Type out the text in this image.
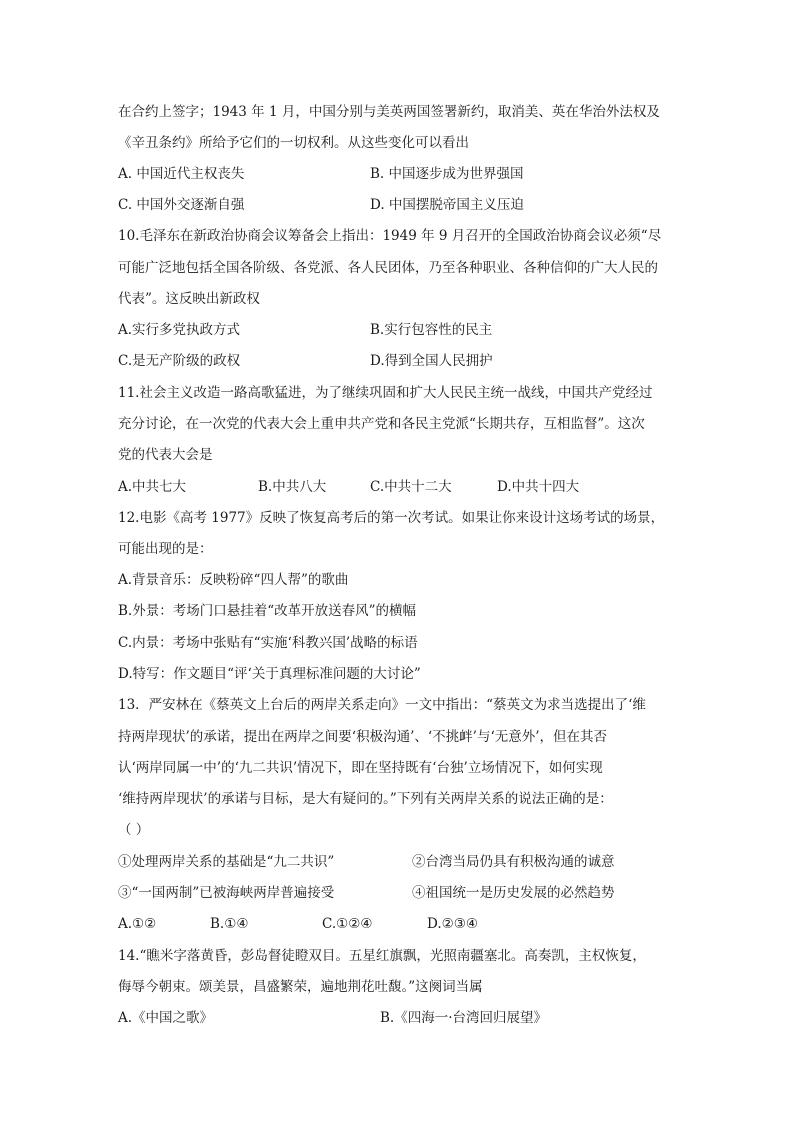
在合约上签字；1943 年 1 月，中国分别与美英两国签署新约，取消美、英在华治外法权及
《辛丑条约》所给予它们的一切权利。从这些变化可以看出
A. 中国近代主权丧失	B. 中国逐步成为世界强国
C. 中国外交逐渐自强	D. 中国摆脱帝国主义压迫
10.毛泽东在新政治协商会议筹备会上指出：1949 年 9 月召开的全国政治协商会议必须“尽
可能广泛地包括全国各阶级、各党派、各人民团体，乃至各种职业、各种信仰的广大人民的
代表”。这反映出新政权
A.实行多党执政方式	B.实行包容性的民主
C.是无产阶级的政权	D.得到全国人民拥护
11.社会主义改造一路高歌猛进，为了继续巩固和扩大人民民主统一战线，中国共产党经过
充分讨论，在一次党的代表大会上重申共产党和各民主党派“长期共存，互相监督”。这次
党的代表大会是
A.中共七大	B.中共八大	C.中共十二大	D.中共十四大
12.电影《高考 1977》反映了恢复高考后的第一次考试。如果让你来设计这场考试的场景，
可能出现的是：
A.背景音乐：反映粉碎“四人帮”的歌曲
B.外景：考场门口悬挂着“改革开放送春风”的横幅
C.内景：考场中张贴有“实施‘科教兴国’战略的标语
D.特写：作文题目“评‘关于真理标准问题的大讨论”
13．严安林在《蔡英文上台后的两岸关系走向》一文中指出：“蔡英文为求当选提出了‘维
持两岸现状’的承诺，提出在两岸之间要‘积极沟通’、‘不挑衅’与‘无意外’，但在其否
认‘两岸同属一中’的‘九二共识’情况下，即在坚持既有‘台独’立场情况下，如何实现
‘维持两岸现状’的承诺与目标，是大有疑问的。”下列有关两岸关系的说法正确的是：
（ ）
①处理两岸关系的基础是“九二共识”	②台湾当局仍具有积极沟通的诚意
③“一国两制”已被海峡两岸普遍接受	④祖国统一是历史发展的必然趋势
A.①②	B.①④	C.①②④	D.②③④
14.“瞧米字落黄昏，彭岛督徒瞪双目。五星红旗飘，光照南疆塞北。高奏凯，主权恢复，
侮辱今朝束。颂美景，昌盛繁荣，遍地荆花吐馥。”这阕词当属
A.《中国之歌》	B.《四海一·台湾回归展望》
